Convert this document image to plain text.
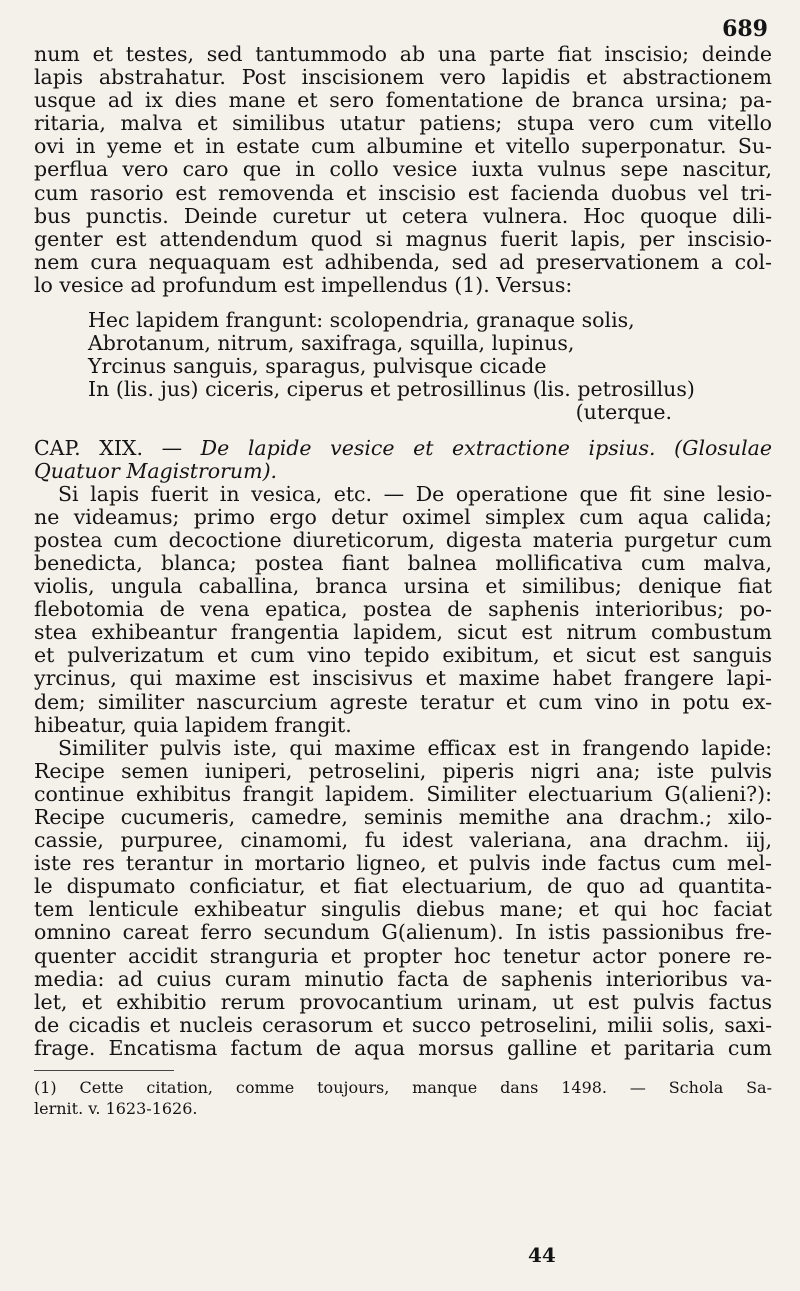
689
num et testes, sed tantummodo ab una parte fiat inscisio; deinde
lapis abstrahatur. Post inscisionem vero lapidis et abstractionem
usque ad ix dies mane et sero fomentatione de branca ursina; pa-
ritaria, malva et similibus utatur patiens; stupa vero cum vitello
ovi in yeme et in estate cum albumine et vitello superponatur. Su-
perflua vero caro que in collo vesice iuxta vulnus sepe nascitur,
cum rasorio est removenda et inscisio est facienda duobus vel tri-
bus punctis. Deinde curetur ut cetera vulnera. Hoc quoque dili-
genter est attendendum quod si magnus fuerit lapis, per inscisio-
nem cura nequaquam est adhibenda, sed ad preservationem a col-
lo vesice ad profundum est impellendus (1). Versus:
Hec lapidem frangunt: scolopendria, granaque solis,
Abrotanum, nitrum, saxifraga, squilla, lupinus,
Yrcinus sanguis, sparagus, pulvisque cicade
In (lis. jus) ciceris, ciperus et petrosillinus (lis. petrosillus)
(uterque.
CAP. XIX. — De lapide vesice et extractione ipsius. (Glosulae
Quatuor Magistrorum).
Si lapis fuerit in vesica, etc. — De operatione que fit sine lesio-
ne videamus; primo ergo detur oximel simplex cum aqua calida;
postea cum decoctione diureticorum, digesta materia purgetur cum
benedicta, blanca; postea fiant balnea mollificativa cum malva,
violis, ungula caballina, branca ursina et similibus; denique fiat
flebotomia de vena epatica, postea de saphenis interioribus; po-
stea exhibeantur frangentia lapidem, sicut est nitrum combustum
et pulverizatum et cum vino tepido exibitum, et sicut est sanguis
yrcinus, qui maxime est inscisivus et maxime habet frangere lapi-
dem; similiter nascurcium agreste teratur et cum vino in potu ex-
hibeatur, quia lapidem frangit.
Similiter pulvis iste, qui maxime efficax est in frangendo lapide:
Recipe semen iuniperi, petroselini, piperis nigri ana; iste pulvis
continue exhibitus frangit lapidem. Similiter electuarium G(alieni?):
Recipe cucumeris, camedre, seminis memithe ana drachm.; xilo-
cassie, purpuree, cinamomi, fu idest valeriana, ana drachm. iij,
iste res terantur in mortario ligneo, et pulvis inde factus cum mel-
le dispumato conficiatur, et fiat electuarium, de quo ad quantita-
tem lenticule exhibeatur singulis diebus mane; et qui hoc faciat
omnino careat ferro secundum G(alienum). In istis passionibus fre-
quenter accidit stranguria et propter hoc tenetur actor ponere re-
media: ad cuius curam minutio facta de saphenis interioribus va-
let, et exhibitio rerum provocantium urinam, ut est pulvis factus
de cicadis et nucleis cerasorum et succo petroselini, milii solis, saxi-
frage. Encatisma factum de aqua morsus galline et paritaria cum
(1) Cette citation, comme toujours, manque dans 1498. — Schola Sa-
lernit. v. 1623-1626.
44
